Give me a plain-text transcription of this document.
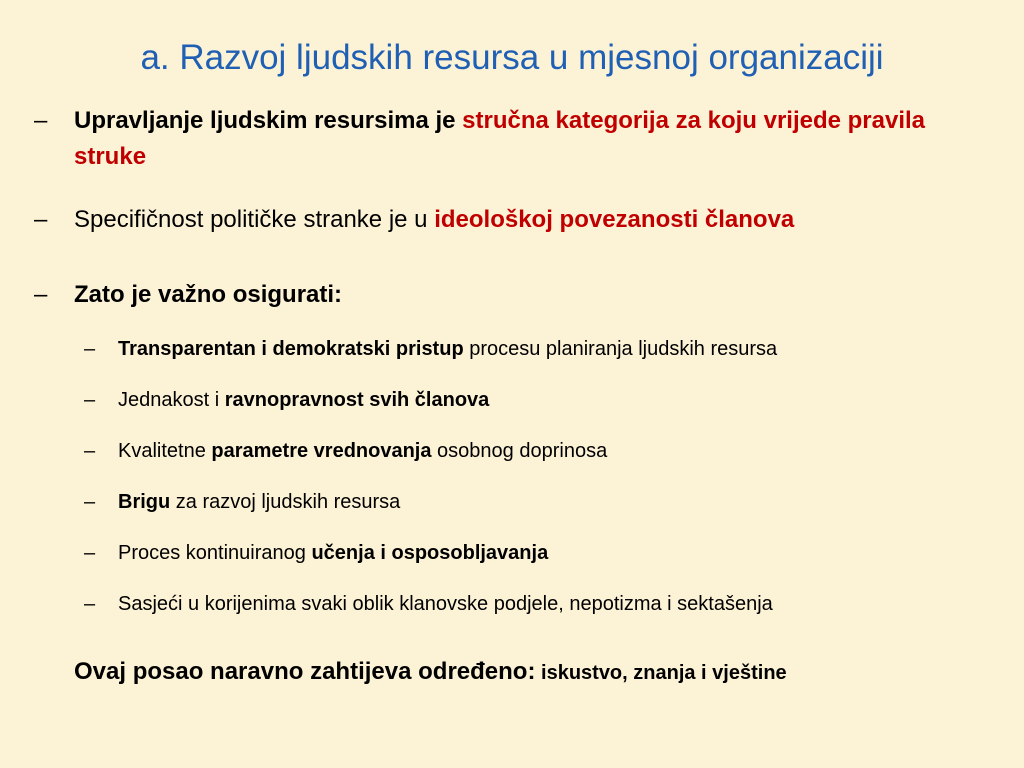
a. Razvoj ljudskih resursa u mjesnoj organizaciji
– Upravljanje ljudskim resursima je stručna kategorija za koju vrijede pravila struke
– Specifičnost političke stranke je u ideološkoj povezanosti članova
– Zato je važno osigurati:
– Transparentan i demokratski pristup procesu planiranja ljudskih resursa
– Jednakost i ravnopravnost svih članova
– Kvalitetne parametre vrednovanja osobnog doprinosa
– Brigu za razvoj ljudskih resursa
– Proces kontinuiranog učenja i osposobljavanja
– Sasjeći u korijenima svaki oblik klanovske podjele, nepotizma i sektašenja
Ovaj posao naravno zahtijeva određeno: iskustvo, znanja i vještine
